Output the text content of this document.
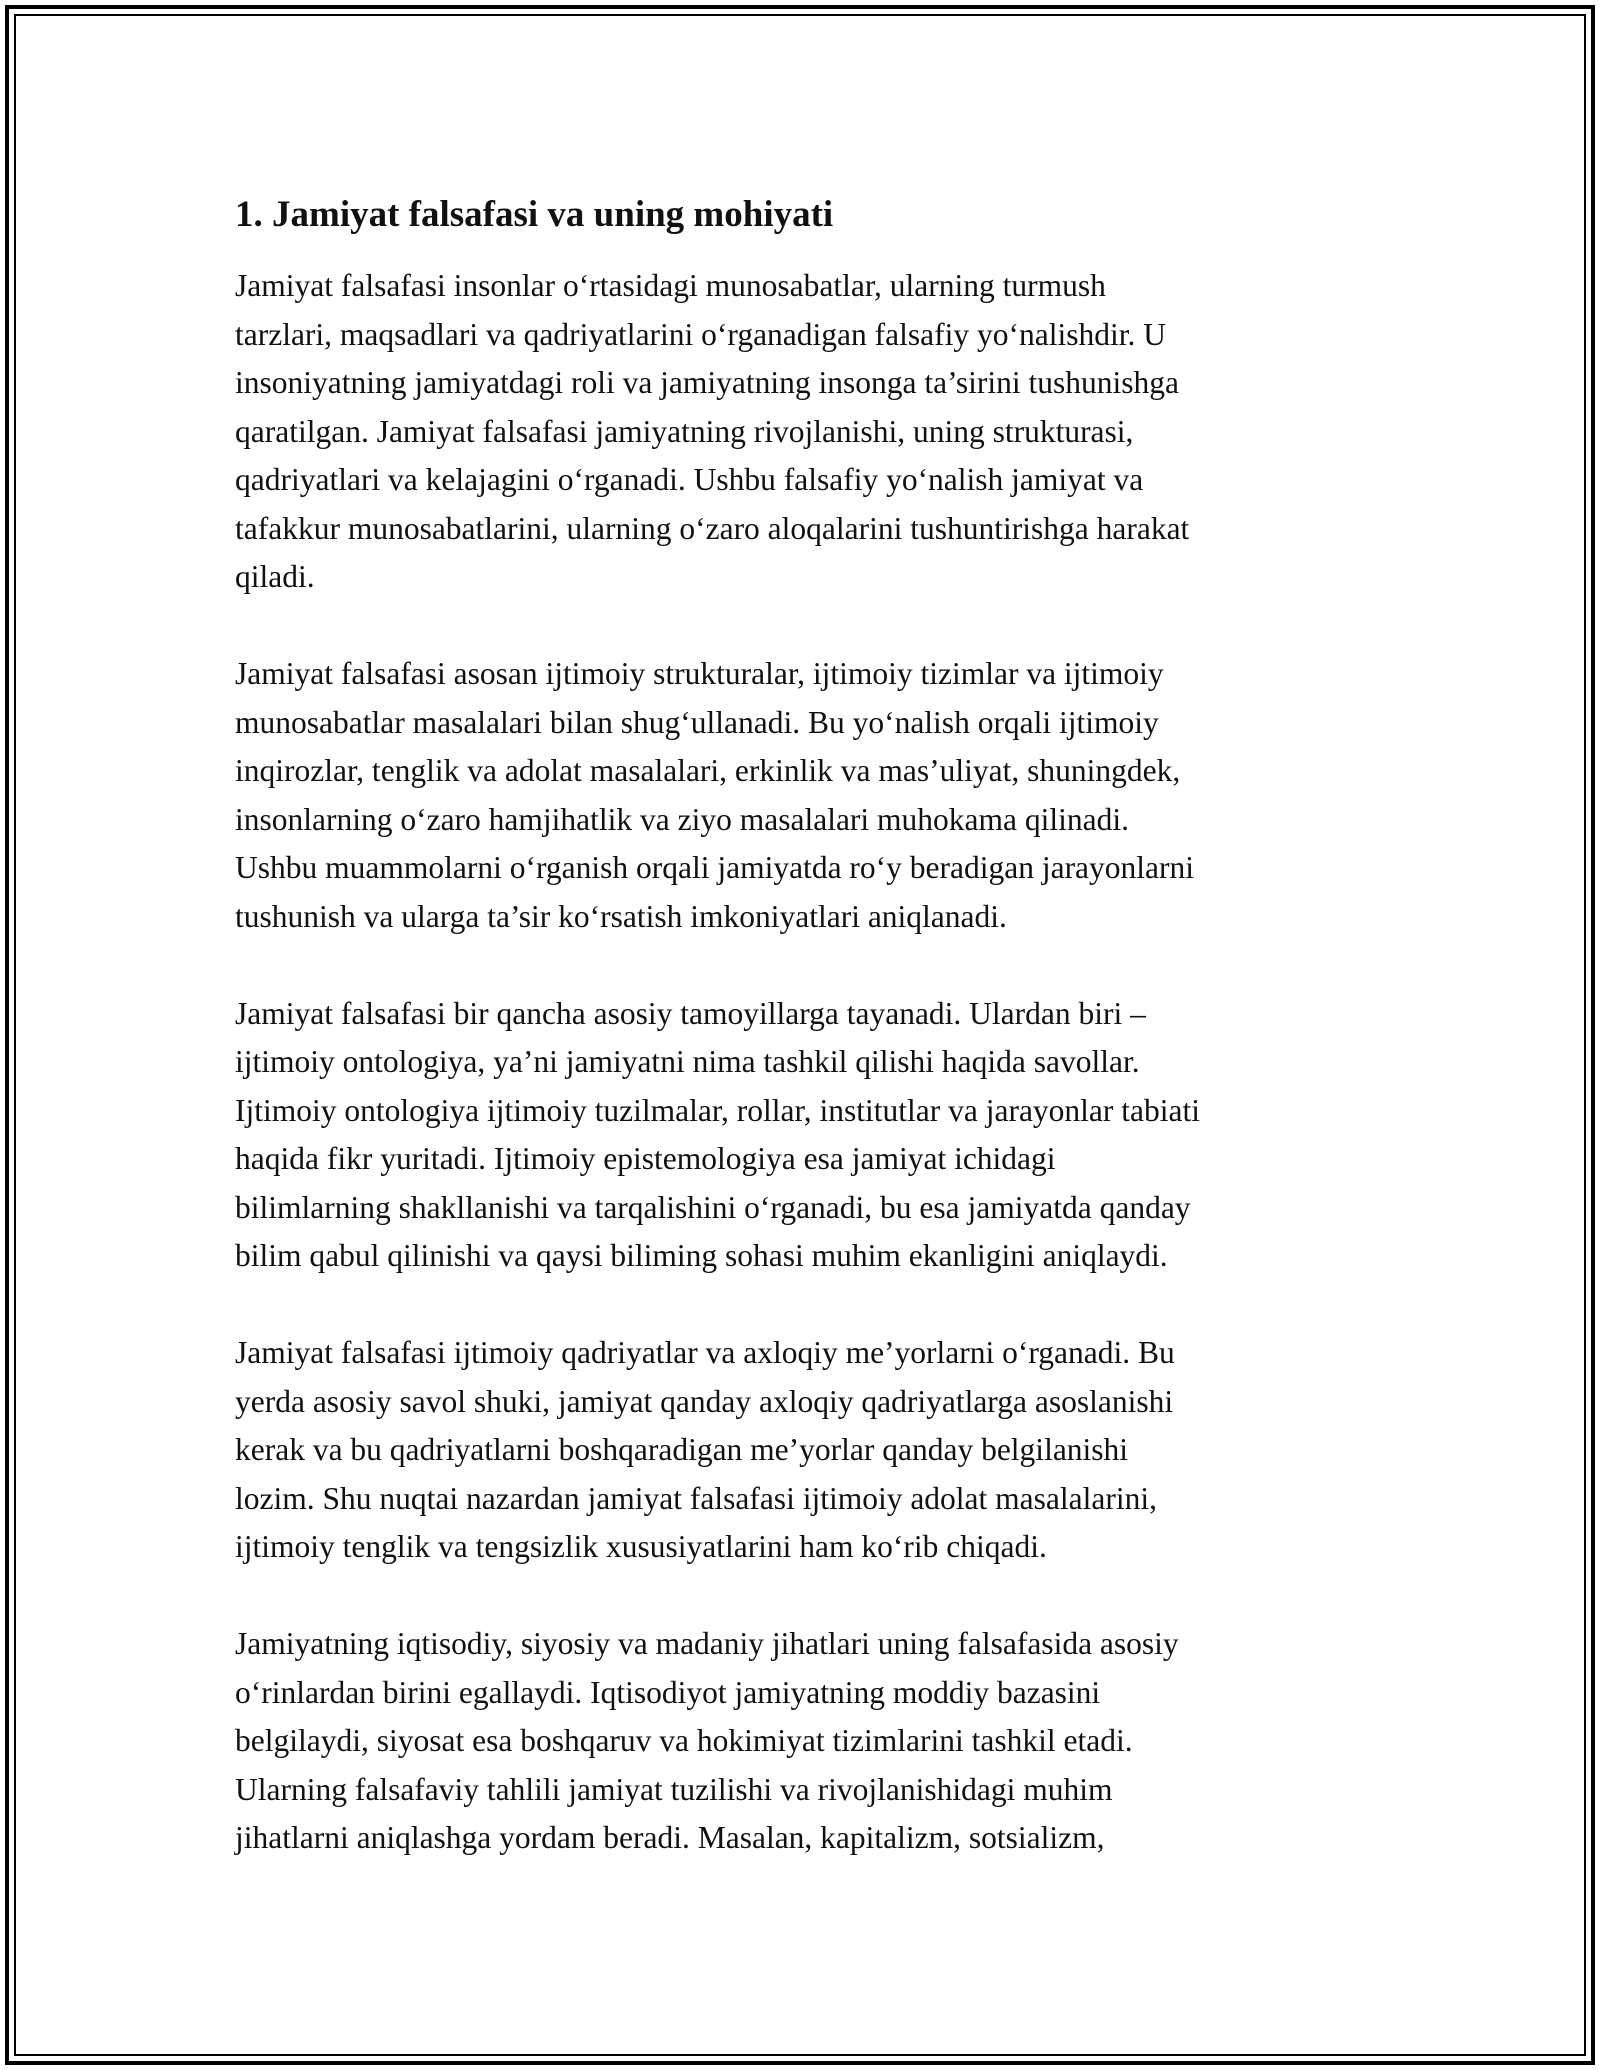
1. Jamiyat falsafasi va uning mohiyati
Jamiyat falsafasi insonlar o‘rtasidagi munosabatlar, ularning turmush
tarzlari, maqsadlari va qadriyatlarini o‘rganadigan falsafiy yo‘nalishdir. U
insoniyatning jamiyatdagi roli va jamiyatning insonga ta’sirini tushunishga
qaratilgan. Jamiyat falsafasi jamiyatning rivojlanishi, uning strukturasi,
qadriyatlari va kelajagini o‘rganadi. Ushbu falsafiy yo‘nalish jamiyat va
tafakkur munosabatlarini, ularning o‘zaro aloqalarini tushuntirishga harakat
qiladi.
Jamiyat falsafasi asosan ijtimoiy strukturalar, ijtimoiy tizimlar va ijtimoiy
munosabatlar masalalari bilan shug‘ullanadi. Bu yo‘nalish orqali ijtimoiy
inqirozlar, tenglik va adolat masalalari, erkinlik va mas’uliyat, shuningdek,
insonlarning o‘zaro hamjihatlik va ziyo masalalari muhokama qilinadi.
Ushbu muammolarni o‘rganish orqali jamiyatda ro‘y beradigan jarayonlarni
tushunish va ularga ta’sir ko‘rsatish imkoniyatlari aniqlanadi.
Jamiyat falsafasi bir qancha asosiy tamoyillarga tayanadi. Ulardan biri –
ijtimoiy ontologiya, ya’ni jamiyatni nima tashkil qilishi haqida savollar.
Ijtimoiy ontologiya ijtimoiy tuzilmalar, rollar, institutlar va jarayonlar tabiati
haqida fikr yuritadi. Ijtimoiy epistemologiya esa jamiyat ichidagi
bilimlarning shakllanishi va tarqalishini o‘rganadi, bu esa jamiyatda qanday
bilim qabul qilinishi va qaysi biliming sohasi muhim ekanligini aniqlaydi.
Jamiyat falsafasi ijtimoiy qadriyatlar va axloqiy me’yorlarni o‘rganadi. Bu
yerda asosiy savol shuki, jamiyat qanday axloqiy qadriyatlarga asoslanishi
kerak va bu qadriyatlarni boshqaradigan me’yorlar qanday belgilanishi
lozim. Shu nuqtai nazardan jamiyat falsafasi ijtimoiy adolat masalalarini,
ijtimoiy tenglik va tengsizlik xususiyatlarini ham ko‘rib chiqadi.
Jamiyatning iqtisodiy, siyosiy va madaniy jihatlari uning falsafasida asosiy
o‘rinlardan birini egallaydi. Iqtisodiyot jamiyatning moddiy bazasini
belgilaydi, siyosat esa boshqaruv va hokimiyat tizimlarini tashkil etadi.
Ularning falsafaviy tahlili jamiyat tuzilishi va rivojlanishidagi muhim
jihatlarni aniqlashga yordam beradi. Masalan, kapitalizm, sotsializm,
